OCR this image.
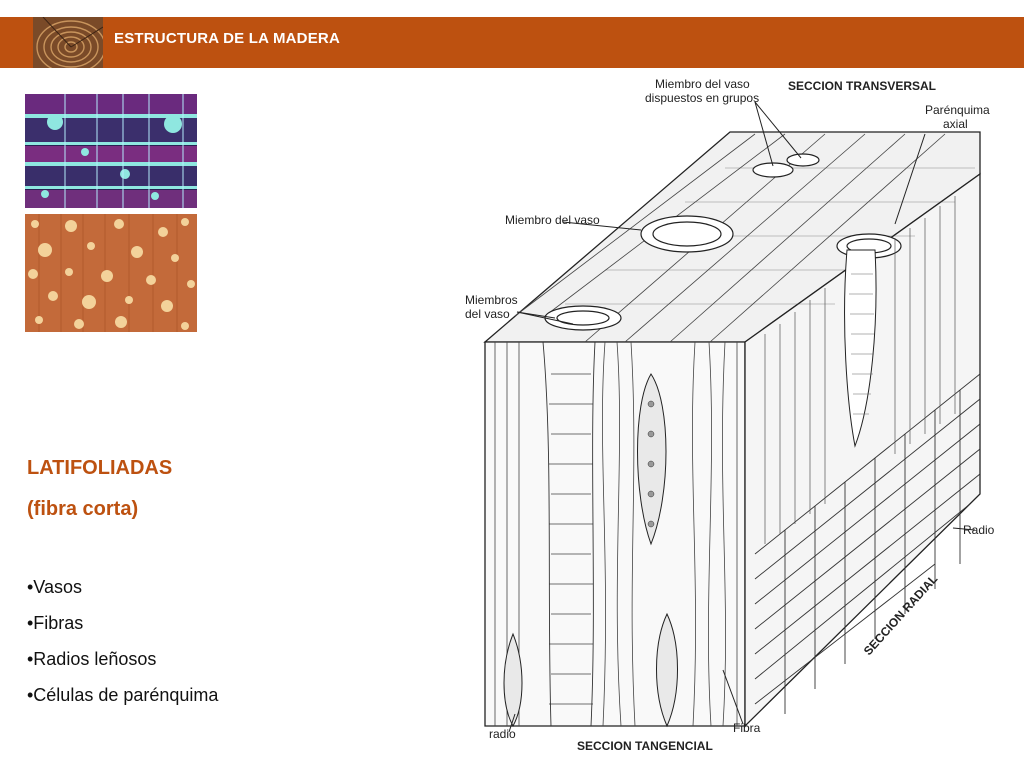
ESTRUCTURA DE LA MADERA
LATIFOLIADAS
(fibra corta)
•Vasos
•Fibras
•Radios leñosos
•Células de parénquima
Miembro del vaso
dispuestos en grupos
SECCION TRANSVERSAL
Parénquima
axial
Miembro del vaso
Miembros
del vaso
Radio
SECCION RADIAL
radio	Fibra
SECCION TANGENCIAL
